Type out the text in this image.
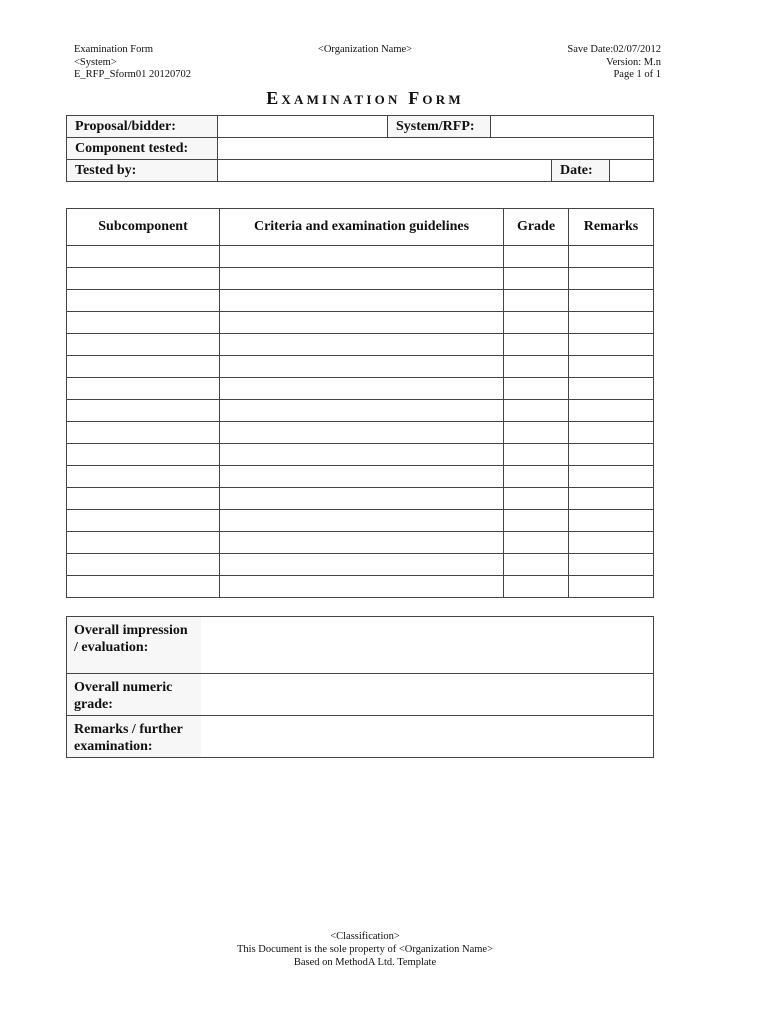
Examination Form
<System>
E_RFP_Sform01 20120702
<Organization Name>	Save Date:02/07/2012
Version: M.n
Page 1 of 1
Examination Form
Proposal/bidder:		System/RFP:			
Component tested:					
Tested by:				Date:	
Subcomponent	Criteria and examination guidelines	Grade	Remarks

Overall impression / evaluation:	
Overall numeric grade:	
Remarks / further examination:	
<Classification>
This Document is the sole property of <Organization Name>
Based on MethodA Ltd. Template
